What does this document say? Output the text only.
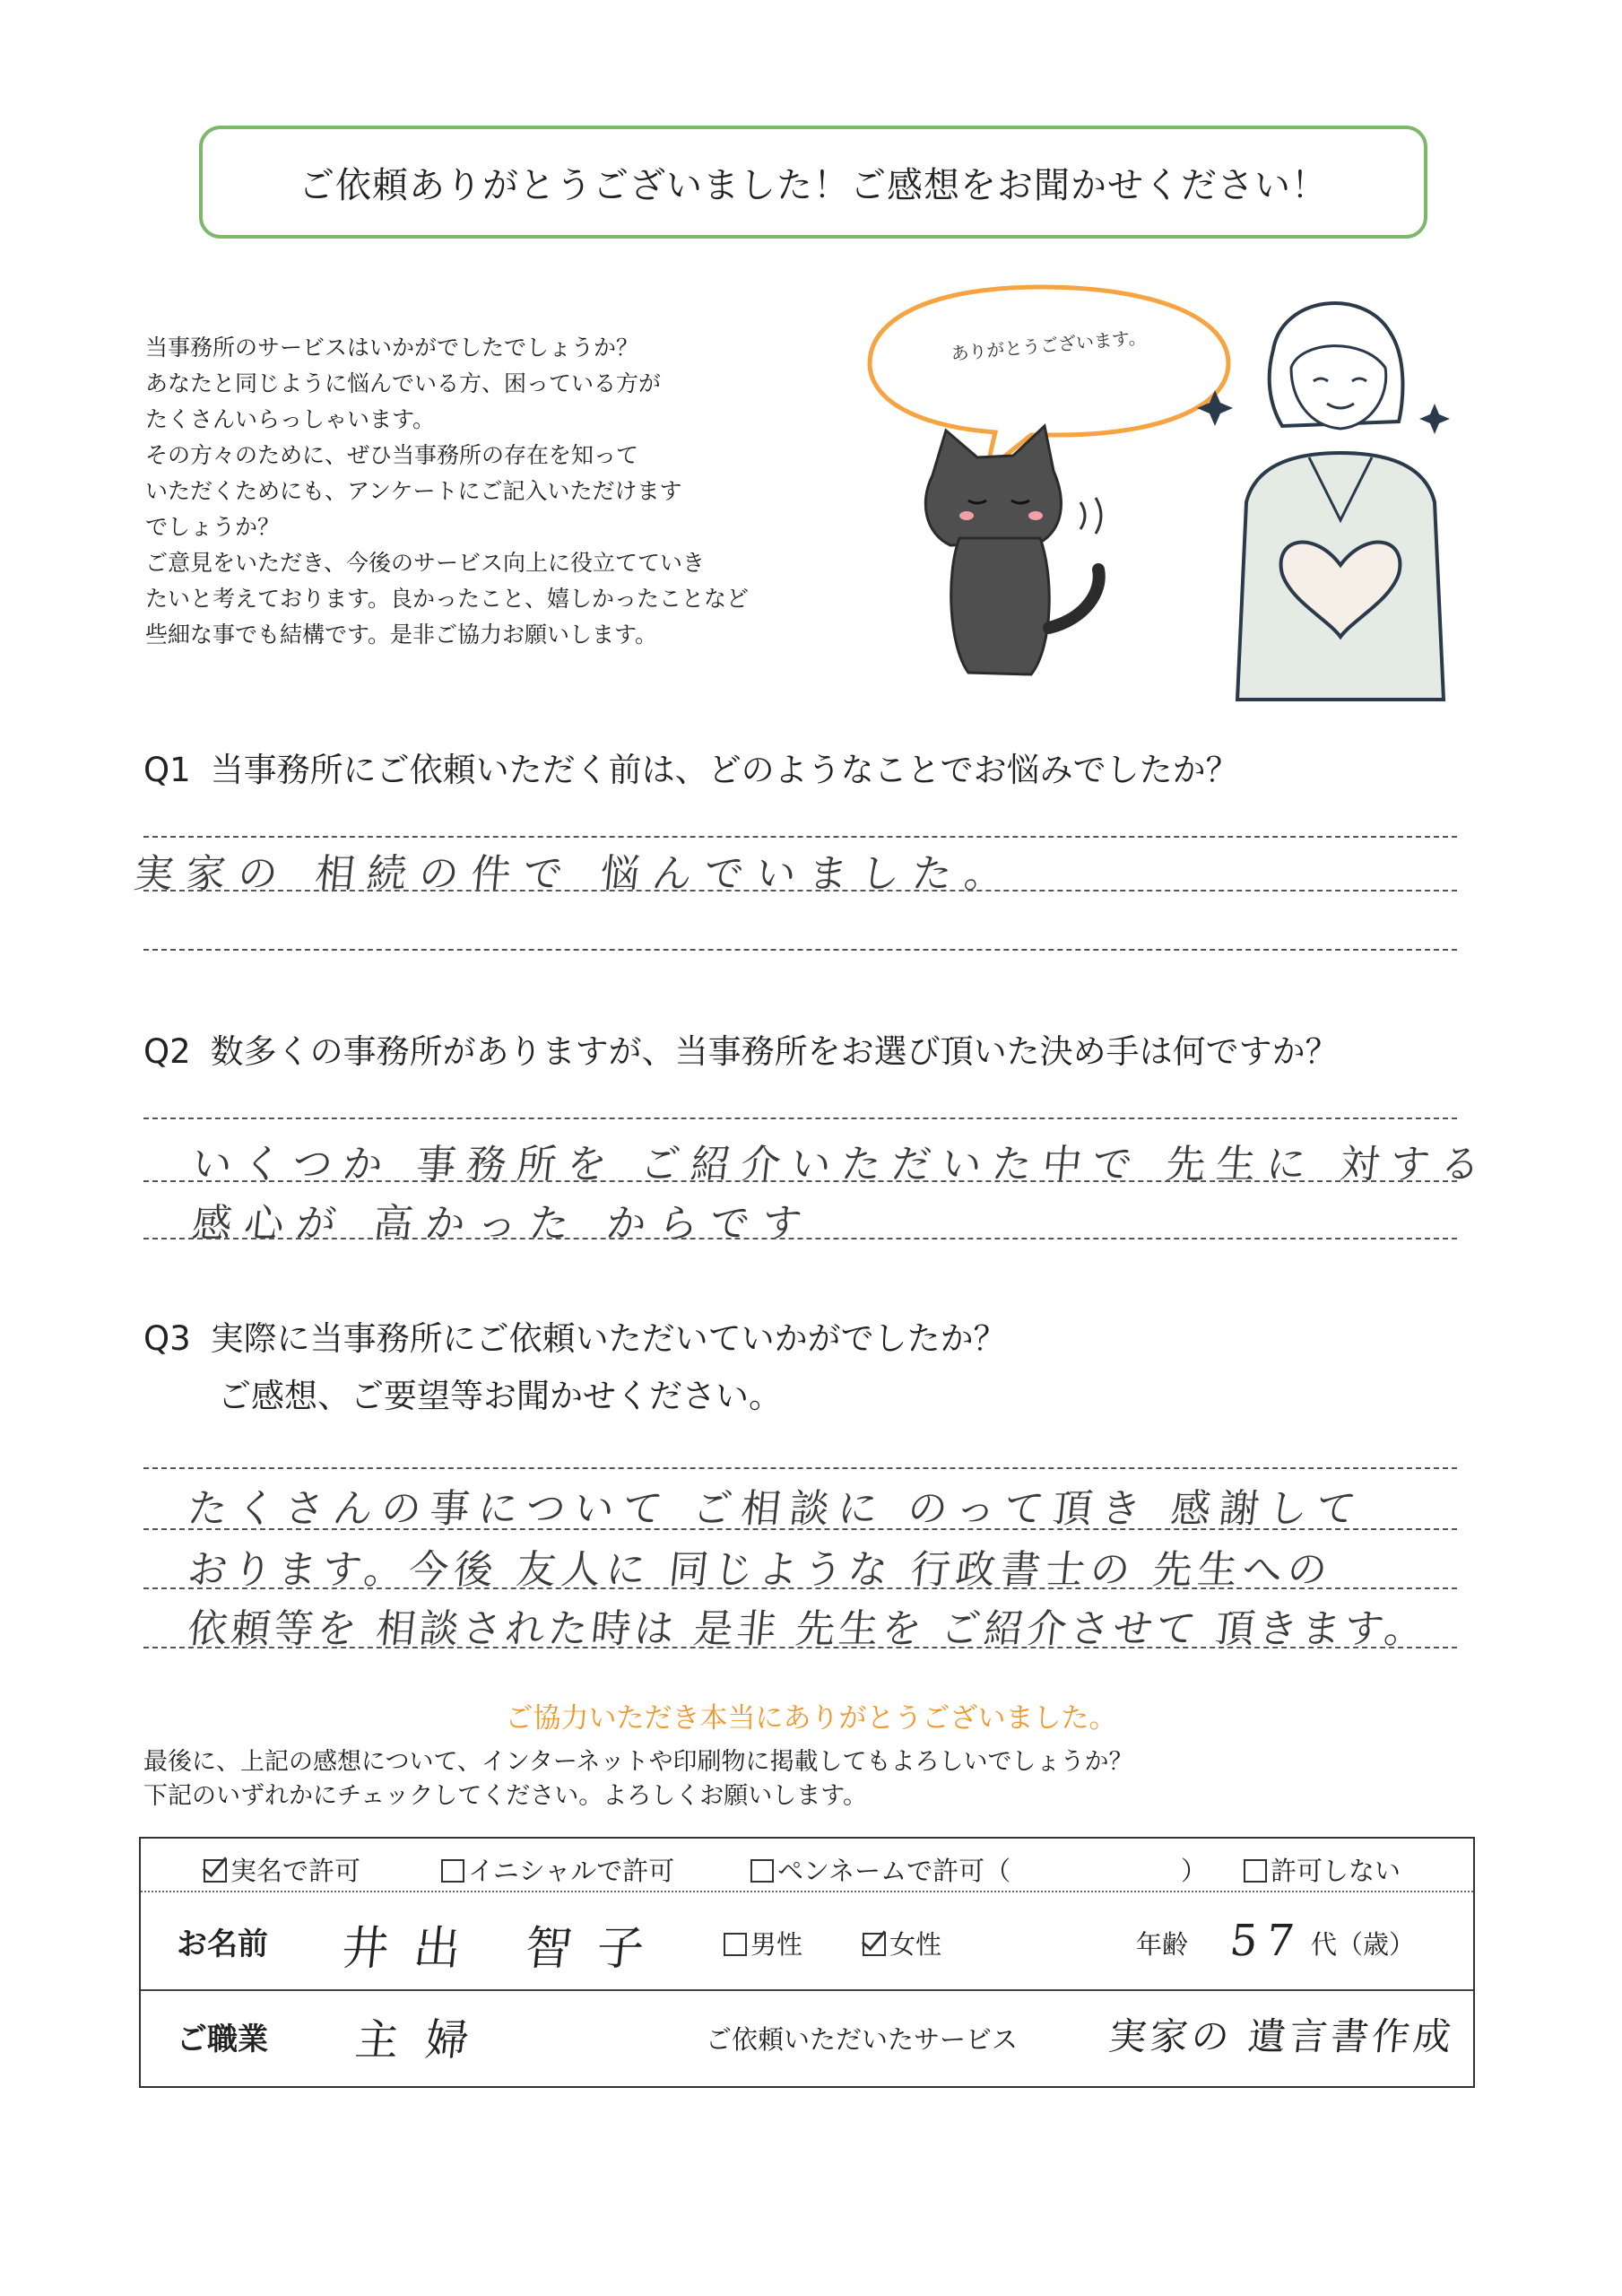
ご依頼ありがとうございました！ご感想をお聞かせください！
当事務所のサービスはいかがでしたでしょうか？
あなたと同じように悩んでいる方、困っている方が
たくさんいらっしゃいます。
その方々のために、ぜひ当事務所の存在を知って
いただくためにも、アンケートにご記入いただけます
でしょうか？
ご意見をいただき、今後のサービス向上に役立てていき
たいと考えております。良かったこと、嬉しかったことなど
些細な事でも結構です。是非ご協力お願いします。
ありがとうございます。
Q1 当事務所にご依頼いただく前は、どのようなことでお悩みでしたか？
実家の 相続の件で 悩んでいました。
Q2 数多くの事務所がありますが、当事務所をお選び頂いた決め手は何ですか？
いくつか 事務所を ご紹介いただいた中で 先生に 対する
感心が 高かった からです
Q3 実際に当事務所にご依頼いただいていかがでしたか？
ご感想、ご要望等お聞かせください。
たくさんの事について ご相談に のって頂き 感謝して
おります。今後 友人に 同じような 行政書士の 先生への
依頼等を 相談された時は 是非 先生を ご紹介させて 頂きます。
ご協力いただき本当にありがとうございました。
最後に、上記の感想について、インターネットや印刷物に掲載してもよろしいでしょうか？
下記のいずれかにチェックしてください。よろしくお願いします。
実名で許可	イニシャルで許可	ペンネームで許可（	）	許可しない
お名前 井出 智子	男性	女性	年齢 57 代（歳）
ご職業 主婦	ご依頼いただいたサービス 実家の 遺言書作成
